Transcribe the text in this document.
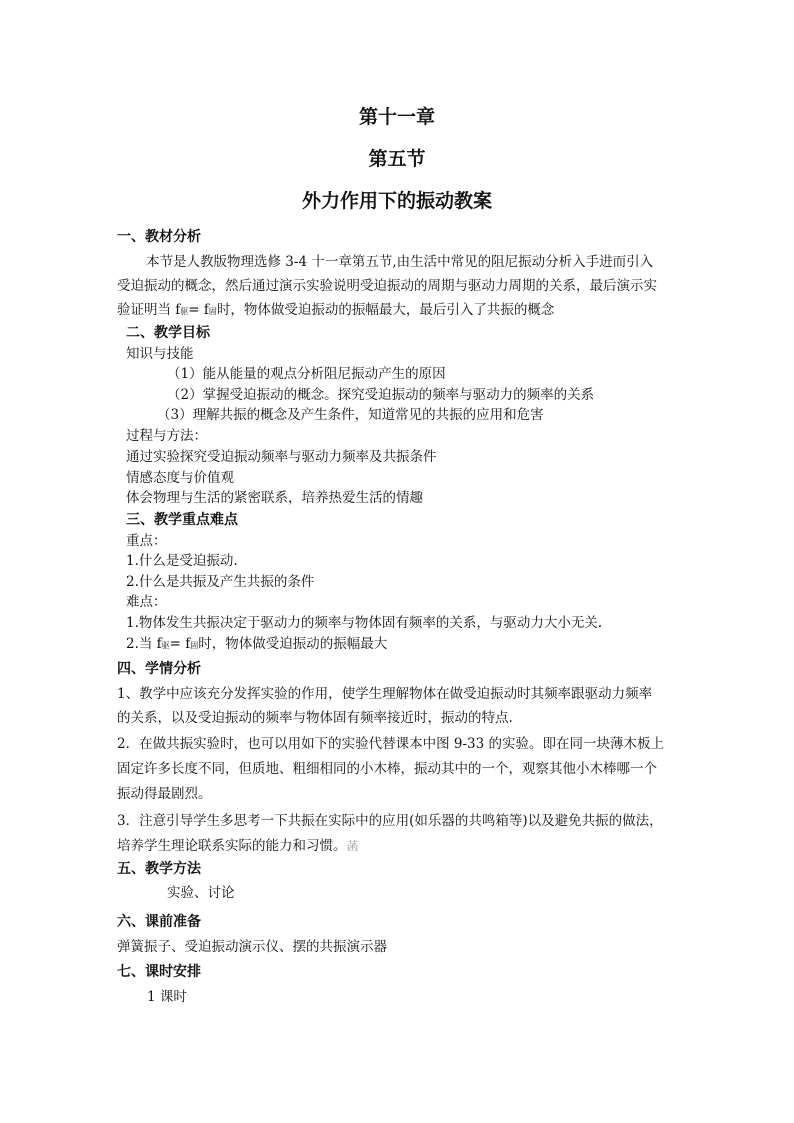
第十一章
第五节
外力作用下的振动教案
一、教材分析
本节是人教版物理选修 3-4 十一章第五节,由生活中常见的阻尼振动分析入手进而引入
受迫振动的概念，然后通过演示实验说明受迫振动的周期与驱动力周期的关系，最后演示实
验证明当 f驱= f固时，物体做受迫振动的振幅最大，最后引入了共振的概念
二、教学目标
知识与技能
（1）能从能量的观点分析阻尼振动产生的原因
（2）掌握受迫振动的概念。探究受迫振动的频率与驱动力的频率的关系
（3）理解共振的概念及产生条件，知道常见的共振的应用和危害
过程与方法：
通过实验探究受迫振动频率与驱动力频率及共振条件
情感态度与价值观
体会物理与生活的紧密联系，培养热爱生活的情趣
三、教学重点难点
重点：
1.什么是受迫振动.
2.什么是共振及产生共振的条件
难点：
1.物体发生共振决定于驱动力的频率与物体固有频率的关系，与驱动力大小无关.
2.当 f驱= f固时，物体做受迫振动的振幅最大
四、学情分析
1、教学中应该充分发挥实验的作用，使学生理解物体在做受迫振动时其频率跟驱动力频率
的关系，以及受迫振动的频率与物体固有频率接近时，振动的特点.
2．在做共振实验时，也可以用如下的实验代替课本中图 9-33 的实验。即在同一块薄木板上
固定许多长度不同，但质地、粗细相同的小木棒，振动其中的一个，观察其他小木棒哪一个
振动得最剧烈。
3．注意引导学生多思考一下共振在实际中的应用(如乐器的共鸣箱等)以及避免共振的做法，
培养学生理论联系实际的能力和习惯。菡
五、教学方法
实验、讨论
六、课前准备
弹簧振子、受迫振动演示仪、摆的共振演示器
七、课时安排
1 课时
